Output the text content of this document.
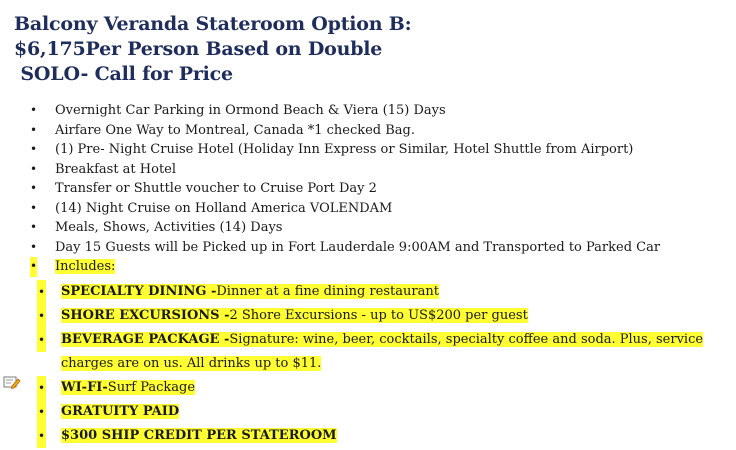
Balcony Veranda Stateroom Option B:
$6,175Per Person Based on Double
SOLO- Call for Price
• Overnight Car Parking in Ormond Beach & Viera (15) Days
• Airfare One Way to Montreal, Canada *1 checked Bag.
• (1) Pre- Night Cruise Hotel (Holiday Inn Express or Similar, Hotel Shuttle from Airport)
• Breakfast at Hotel
• Transfer or Shuttle voucher to Cruise Port Day 2
• (14) Night Cruise on Holland America VOLENDAM
• Meals, Shows, Activities (14) Days
• Day 15 Guests will be Picked up in Fort Lauderdale 9:00AM and Transported to Parked Car
• Includes:
• SPECIALTY DINING -Dinner at a fine dining restaurant
• SHORE EXCURSIONS -2 Shore Excursions - up to US$200 per guest
• BEVERAGE PACKAGE -Signature: wine, beer, cocktails, specialty coffee and soda. Plus, service charges are on us. All drinks up to $11.
• WI-FI-Surf Package
• GRATUITY PAID
• $300 SHIP CREDIT PER STATEROOM
